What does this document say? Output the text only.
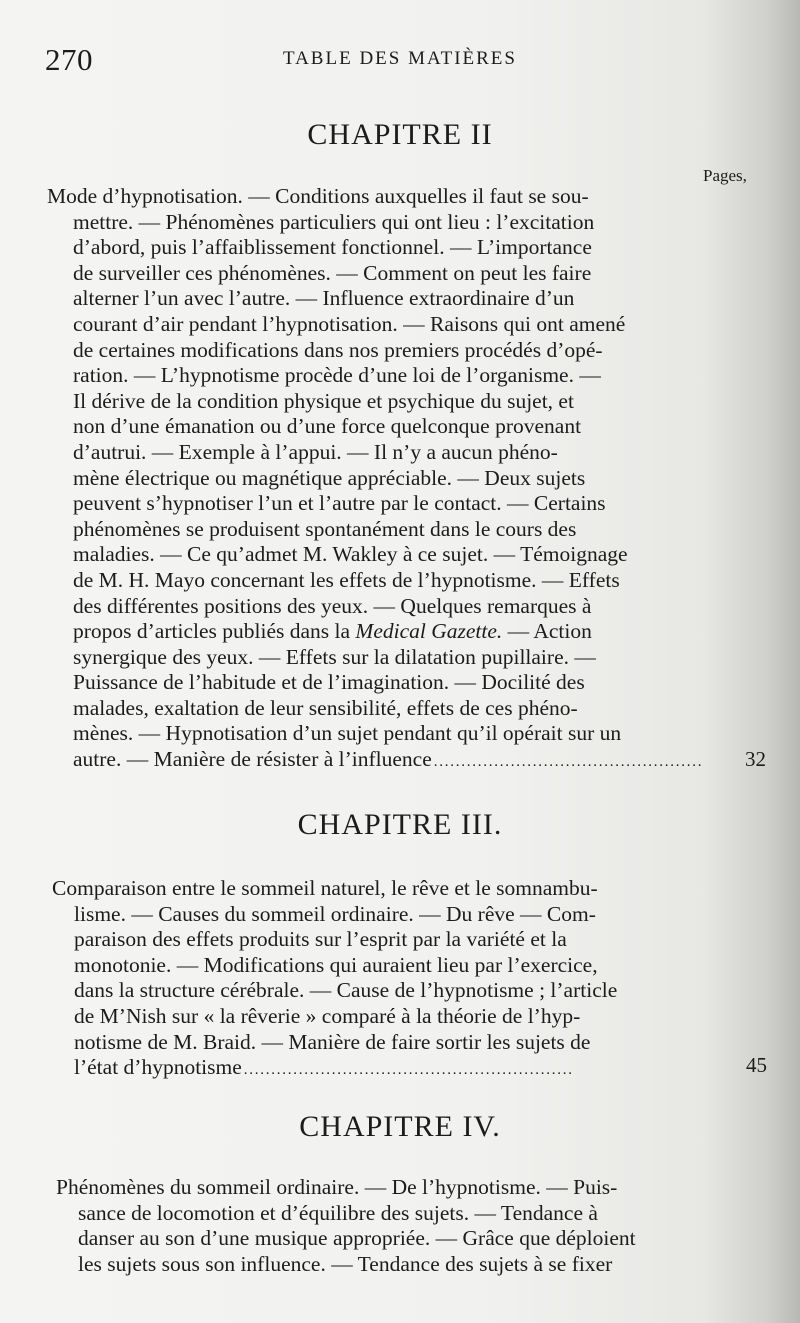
270	TABLE DES MATIÈRES
CHAPITRE II
Pages,
Mode d’hypnotisation. — Conditions auxquelles il faut se sou-
mettre. — Phénomènes particuliers qui ont lieu : l’excitation
d’abord, puis l’affaiblissement fonctionnel. — L’importance
de surveiller ces phénomènes. — Comment on peut les faire
alterner l’un avec l’autre. — Influence extraordinaire d’un
courant d’air pendant l’hypnotisation. — Raisons qui ont amené
de certaines modifications dans nos premiers procédés d’opé-
ration. — L’hypnotisme procède d’une loi de l’organisme. —
Il dérive de la condition physique et psychique du sujet, et
non d’une émanation ou d’une force quelconque provenant
d’autrui. — Exemple à l’appui. — Il n’y a aucun phéno-
mène électrique ou magnétique appréciable. — Deux sujets
peuvent s’hypnotiser l’un et l’autre par le contact. — Certains
phénomènes se produisent spontanément dans le cours des
maladies. — Ce qu’admet M. Wakley à ce sujet. — Témoignage
de M. H. Mayo concernant les effets de l’hypnotisme. — Effets
des différentes positions des yeux. — Quelques remarques à
propos d’articles publiés dans la Medical Gazette. — Action
synergique des yeux. — Effets sur la dilatation pupillaire. —
Puissance de l’habitude et de l’imagination. — Docilité des
malades, exaltation de leur sensibilité, effets de ces phéno-
mènes. — Hypnotisation d’un sujet pendant qu’il opérait sur un
autre. — Manière de résister à l’influence . . .	32
CHAPITRE III.
Comparaison entre le sommeil naturel, le rêve et le somnambu-
lisme. — Causes du sommeil ordinaire. — Du rêve — Com-
paraison des effets produits sur l’esprit par la variété et la
monotonie. — Modifications qui auraient lieu par l’exercice,
dans la structure cérébrale. — Cause de l’hypnotisme ; l’article
de M’Nish sur « la rêverie » comparé à la théorie de l’hyp-
notisme de M. Braid. — Manière de faire sortir les sujets de
l’état d’hypnotisme . . .	45
CHAPITRE IV.
Phénomènes du sommeil ordinaire. — De l’hypnotisme. — Puis-
sance de locomotion et d’équilibre des sujets. — Tendance à
danser au son d’une musique appropriée. — Grâce que déploient
les sujets sous son influence. — Tendance des sujets à se fixer
